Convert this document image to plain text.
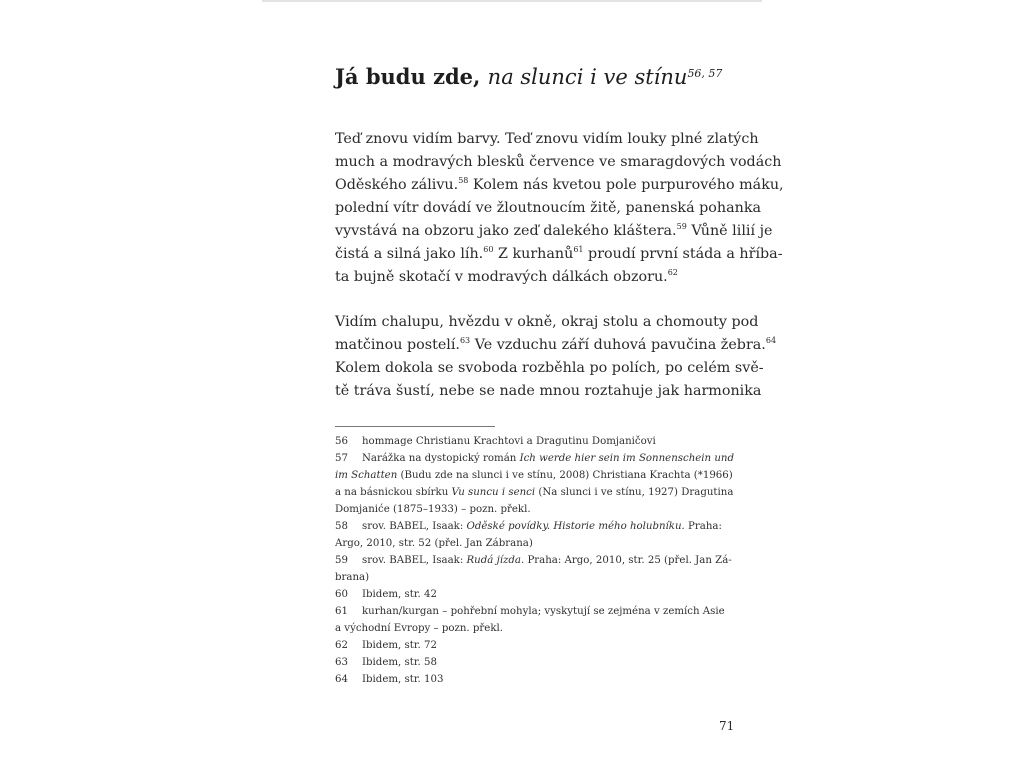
Já budu zde, na slunci i ve stínu$^{56, 57}$

Teď znovu vidím barvy. Teď znovu vidím louky plné zlatých
much a modravých blesků července ve smaragdových vodách
Oděského zálivu.$^{58}$ Kolem nás kvetou pole purpurového máku,
polední vítr dovádí ve žloutnoucím žitě, panenská pohanka
vyvstává na obzoru jako zeď dalekého kláštera.$^{59}$ Vůně lilií je
čistá a silná jako líh.$^{60}$ Z kurhanů$^{61}$ proudí první stáda a hříba-
ta bujně skotačí v modravých dálkách obzoru.$^{62}$

Vidím chalupu, hvězdu v okně, okraj stolu a chomouty pod
matčinou postelí.$^{63}$ Ve vzduchu září duhová pavučina žebra.$^{64}$
Kolem dokola se svoboda rozběhla po polích, po celém svě-
tě tráva šustí, nebe se nade mnou roztahuje jak harmonika

56 hommage Christianu Krachtovi a Dragutinu Domjaničovi
57 Narážka na dystopický román Ich werde hier sein im Sonnenschein und
im Schatten (Budu zde na slunci i ve stínu, 2008) Christiana Krachta (*1966)
a na básnickou sbírku Vu suncu i senci (Na slunci i ve stínu, 1927) Dragutina
Domjaniće (1875–1933) – pozn. překl.
58 srov. BABEL, Isaak: Oděské povídky. Historie mého holubníku. Praha:
Argo, 2010, str. 52 (přel. Jan Zábrana)
59 srov. BABEL, Isaak: Rudá jízda. Praha: Argo, 2010, str. 25 (přel. Jan Zá-
brana)
60 Ibidem, str. 42
61 kurhan/kurgan – pohřební mohyla; vyskytují se zejména v zemích Asie
a východní Evropy – pozn. překl.
62 Ibidem, str. 72
63 Ibidem, str. 58
64 Ibidem, str. 103
71
